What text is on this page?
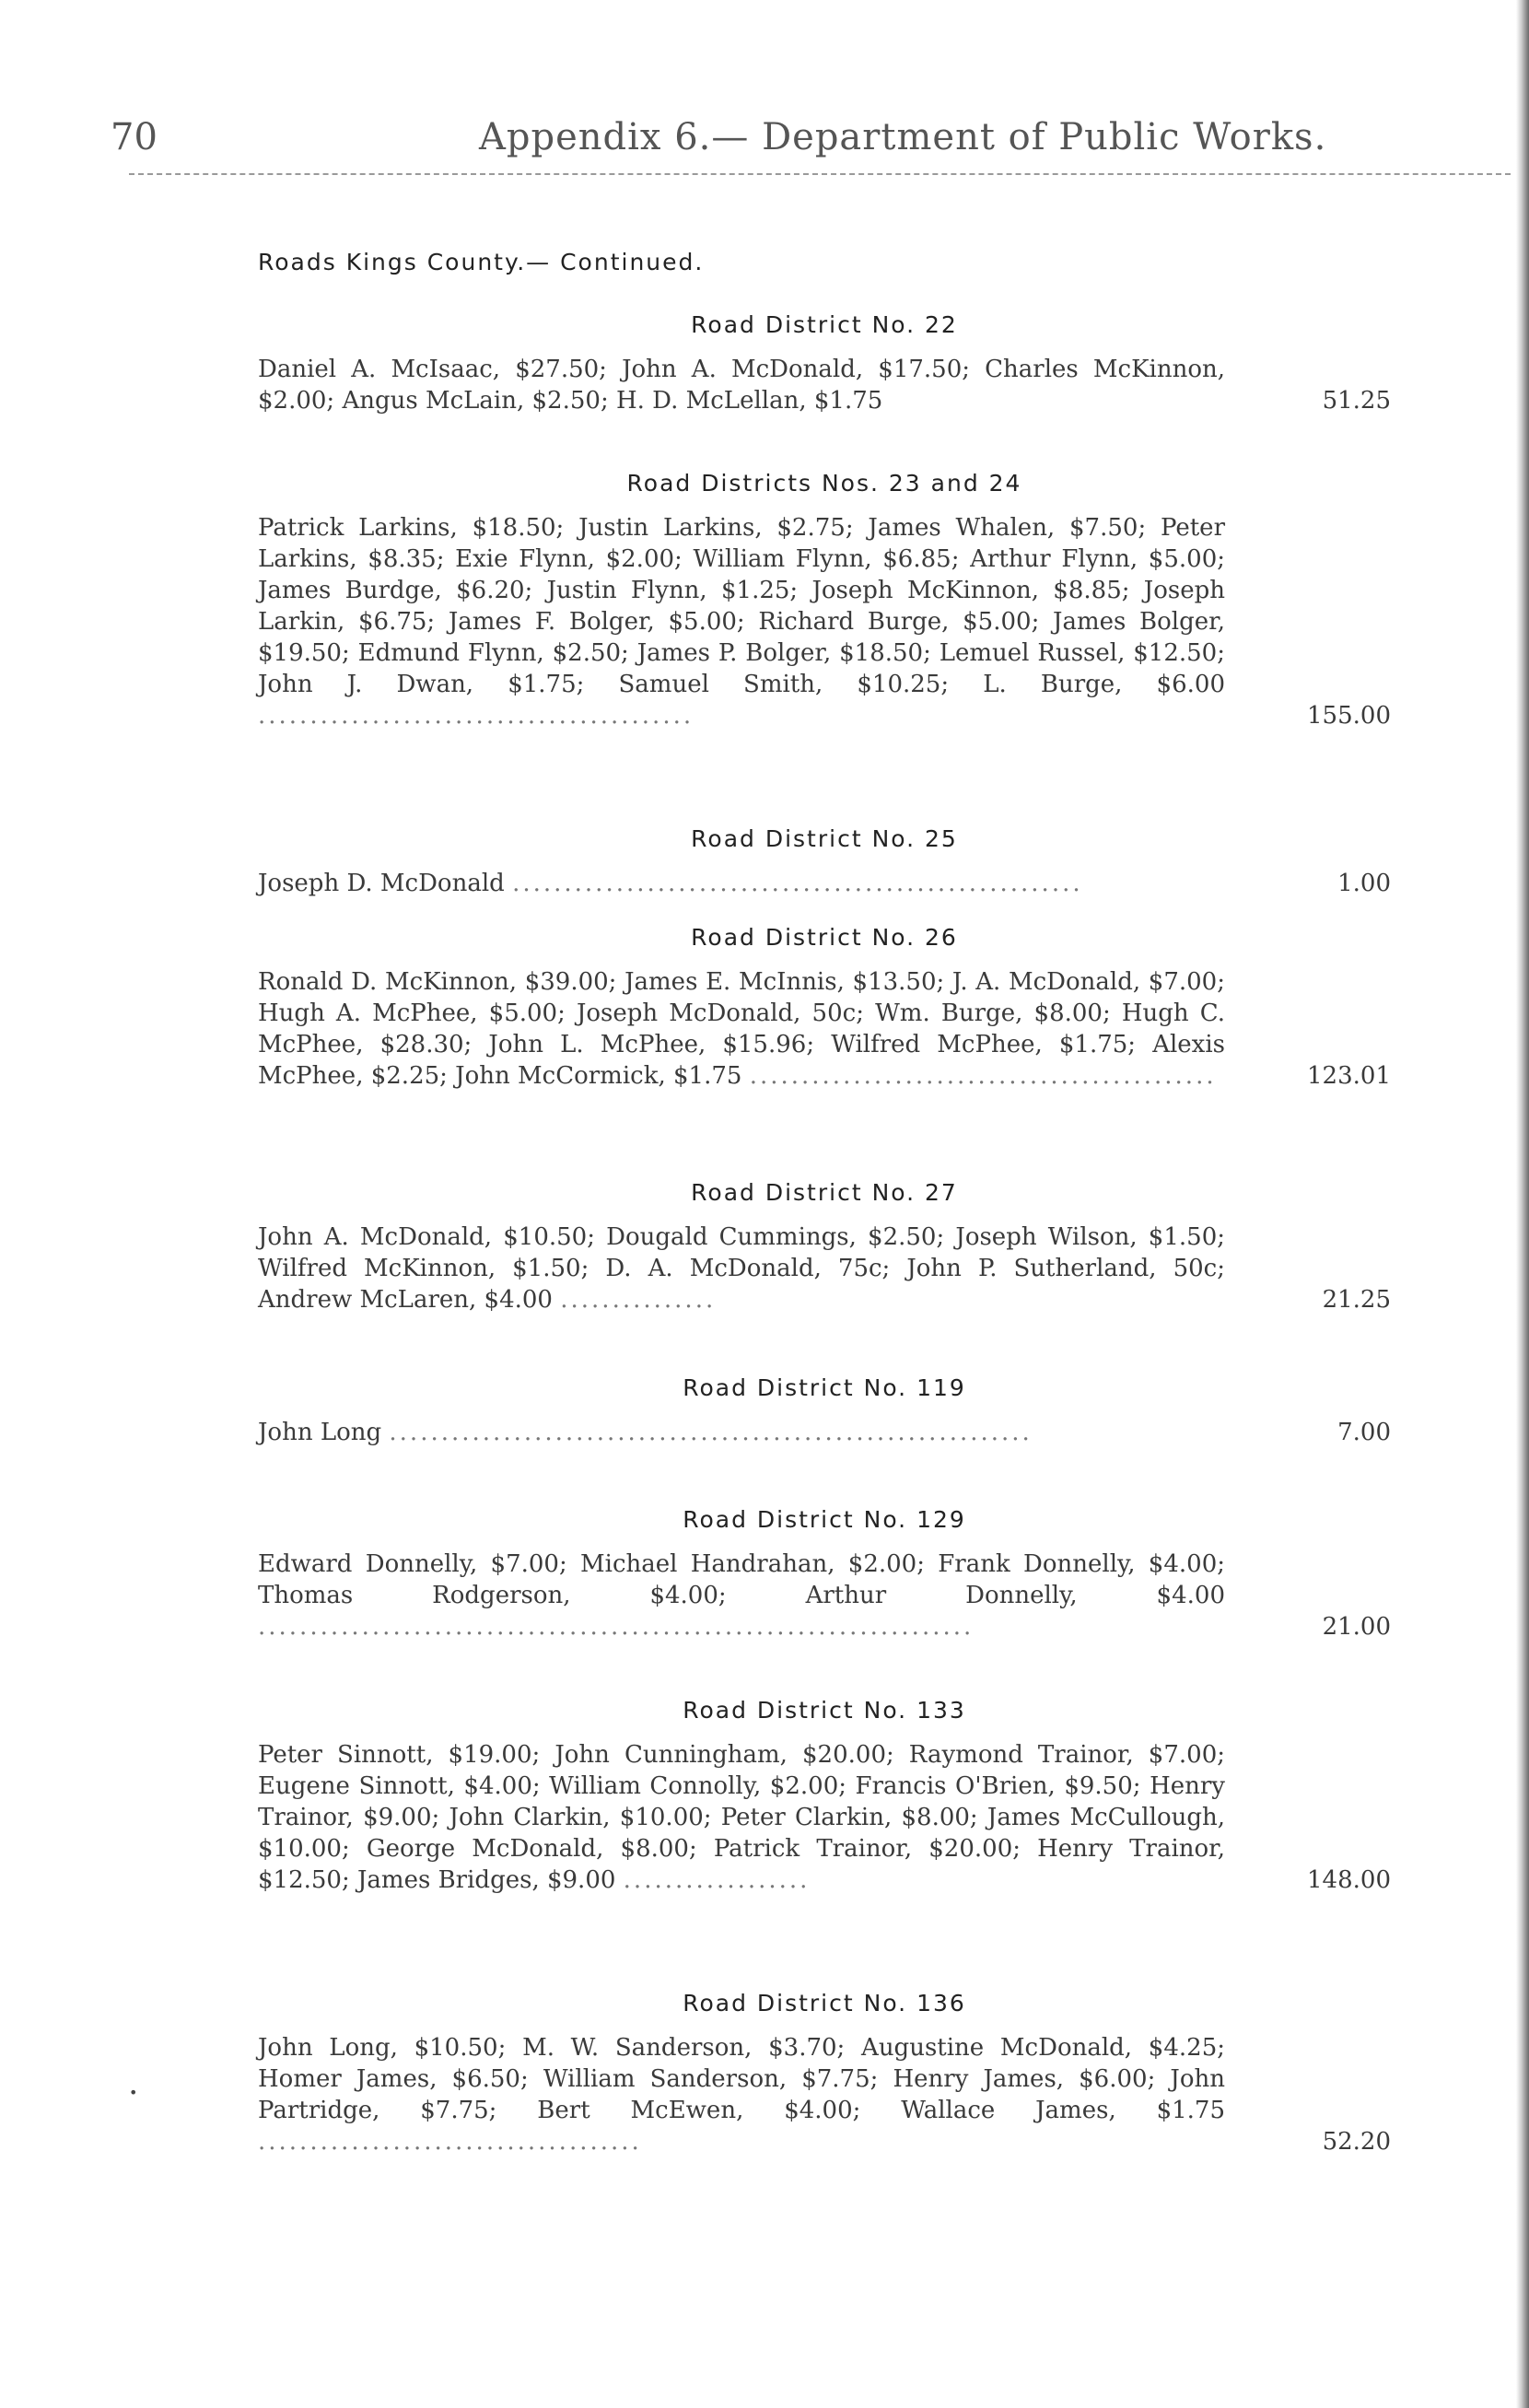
70	Appendix 6.— Department of Public Works.
Roads Kings County.— Continued.
Road District No. 22
Daniel A. McIsaac, $27.50; John A. McDonald, $17.50; Charles McKinnon, $2.00; Angus McLain, $2.50; H. D. McLellan, $1.75	51.25
Road Districts Nos. 23 and 24
Patrick Larkins, $18.50; Justin Larkins, $2.75; James Whalen, $7.50; Peter Larkins, $8.35; Exie Flynn, $2.00; William Flynn, $6.85; Arthur Flynn, $5.00; James Burdge, $6.20; Justin Flynn, $1.25; Joseph McKinnon, $8.85; Joseph Larkin, $6.75; James F. Bolger, $5.00; Richard Burge, $5.00; James Bolger, $19.50; Edmund Flynn, $2.50; James P. Bolger, $18.50; Lemuel Russel, $12.50; John J. Dwan, $1.75; Samuel Smith, $10.25; L. Burge, $6.00 ..........................................	155.00
Road District No. 25
Joseph D. McDonald .......................................................	1.00
Road District No. 26
Ronald D. McKinnon, $39.00; James E. McInnis, $13.50; J. A. McDonald, $7.00; Hugh A. McPhee, $5.00; Joseph McDonald, 50c; Wm. Burge, $8.00; Hugh C. McPhee, $28.30; John L. McPhee, $15.96; Wilfred McPhee, $1.75; Alexis McPhee, $2.25; John McCormick, $1.75 .............................................	123.01
Road District No. 27
John A. McDonald, $10.50; Dougald Cummings, $2.50; Joseph Wilson, $1.50; Wilfred McKinnon, $1.50; D. A. McDonald, 75c; John P. Sutherland, 50c; Andrew McLaren, $4.00 ...............	21.25
Road District No. 119
John Long ..............................................................	7.00
Road District No. 129
Edward Donnelly, $7.00; Michael Handrahan, $2.00; Frank Donnelly, $4.00; Thomas Rodgerson, $4.00; Arthur Donnelly, $4.00 .....................................................................	21.00
Road District No. 133
Peter Sinnott, $19.00; John Cunningham, $20.00; Raymond Trainor, $7.00; Eugene Sinnott, $4.00; William Connolly, $2.00; Francis O'Brien, $9.50; Henry Trainor, $9.00; John Clarkin, $10.00; Peter Clarkin, $8.00; James McCullough, $10.00; George McDonald, $8.00; Patrick Trainor, $20.00; Henry Trainor, $12.50; James Bridges, $9.00 ..................	148.00
Road District No. 136
John Long, $10.50; M. W. Sanderson, $3.70; Augustine McDonald, $4.25; Homer James, $6.50; William Sanderson, $7.75; Henry James, $6.00; John Partridge, $7.75; Bert McEwen, $4.00; Wallace James, $1.75 .....................................	52.20
•
